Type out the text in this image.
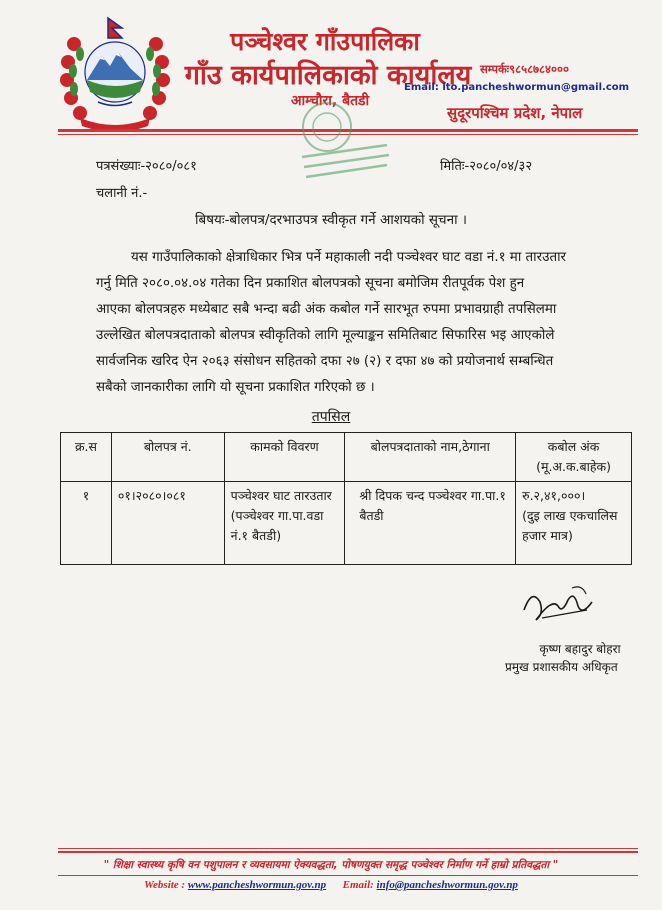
पञ्चेश्वर गाँउपालिका
गाँउ कार्यपालिकाको कार्यालय
आम्चौरा, बैतडी
सम्पर्कः९८५८७८४०००
Email: ito.pancheshwormun@gmail.com
सुदूरपश्चिम प्रदेश, नेपाल
पत्रसंख्याः-२०८०/०८१	मितिः-२०८०/०४/३२
चलानी नं.-
बिषयः-बोलपत्र/दरभाउपत्र स्वीकृत गर्ने आशयको सूचना ।
यस गाउँपालिकाको क्षेत्राधिकार भित्र पर्ने महाकाली नदी पञ्चेश्वर घाट वडा नं.१ मा तारउतार
गर्नु मिति २०८०.०४.०४ गतेका दिन प्रकाशित बोलपत्रको सूचना बमोजिम रीतपूर्वक पेश हुन
आएका बोलपत्रहरु मध्येबाट सबै भन्दा बढी अंक कबोल गर्ने सारभूत रुपमा प्रभावग्राही तपसिलमा
उल्लेखित बोलपत्रदाताको बोलपत्र स्वीकृतिको लागि मूल्याङ्कन समितिबाट सिफारिस भइ आएकोले
सार्वजनिक खरिद ऐन २०६३ संसोधन सहितको दफा २७ (२) र दफा ४७ को प्रयोजनार्थ सम्बन्धित
सबैको जानकारीका लागि यो सूचना प्रकाशित गरिएको छ ।
तपसिल
क्र.स	बोलपत्र नं.	कामको विवरण	बोलपत्रदाताको नाम,ठेगाना	कबोल अंक (मू.अ.क.बाहेक)
१	०१।२०८०।०८१	पञ्चेश्वर घाट तारउतार (पञ्चेश्वर गा.पा.वडा नं.१ बैतडी)	श्री दिपक चन्द पञ्चेश्वर गा.पा.१ बैतडी	रु.२,४१,०००।
(दुइ लाख एकचालिस हजार मात्र)
कृष्ण बहादुर बोहरा
प्रमुख प्रशासकीय अधिकृत
" शिक्षा स्वास्थ्य कृषि वन पशुपालन र व्यवसायमा ऐक्यवद्धता, पोषणयुक्त समृद्ध पञ्चेश्वर निर्माण गर्ने हाम्रो प्रतिवद्धता "
Website : www.pancheshwormun.gov.np Email: info@pancheshwormun.gov.np
